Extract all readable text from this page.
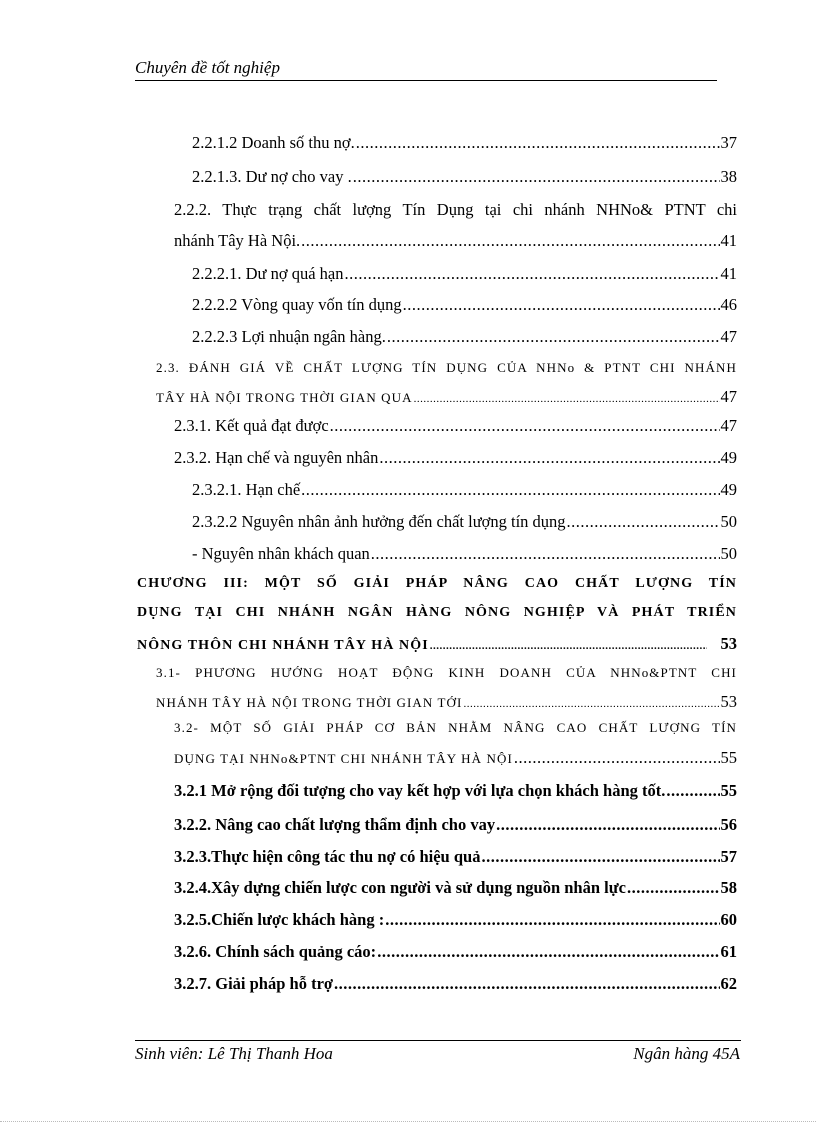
Chuyên đề tốt nghiệp
2.2.1.2 Doanh số thu nợ. .....	37
2.2.1.3. Dư nợ cho vay . .....	38
2.2.2. Thực trạng chất lượng Tín Dụng tại chi nhánh NHNo& PTNT chi
nhánh Tây Hà Nội. .....	41
2.2.2.1. Dư nợ quá hạn .....	41
2.2.2.2 Vòng quay vốn tín dụng .....	46
2.2.2.3 Lợi nhuận ngân hàng. .....	47
2.3. ĐÁNH GIÁ VỀ CHẤT LƯỢNG TÍN DỤNG CỦA NHNo & PTNT CHI NHÁNH
TÂY HÀ NỘI TRONG THỜI GIAN QUA .....	47
2.3.1. Kết quả đạt được .....	47
2.3.2. Hạn chế và nguyên nhân .....	49
2.3.2.1. Hạn chế .....	49
2.3.2.2 Nguyên nhân ảnh hưởng đến chất lượng tín dụng .....	50
- Nguyên nhân khách quan .....	50
CHƯƠNG III: MỘT SỐ GIẢI PHÁP NÂNG CAO CHẤT LƯỢNG TÍN
DỤNG TẠI CHI NHÁNH NGÂN HÀNG NÔNG NGHIỆP VÀ PHÁT TRIỂN
NÔNG THÔN CHI NHÁNH TÂY HÀ NỘI .....	53
3.1- PHƯƠNG HƯỚNG HOẠT ĐỘNG KINH DOANH CỦA NHNo&PTNT CHI
NHÁNH TÂY HÀ NỘI TRONG THỜI GIAN TỚI .....	53
3.2- MỘT SỐ GIẢI PHÁP CƠ BẢN NHẰM NÂNG CAO CHẤT LƯỢNG TÍN
DỤNG TẠI NHNo&PTNT CHI NHÁNH TÂY HÀ NỘI .....	55
3.2.1 Mở rộng đối tượng cho vay kết hợp với lựa chọn khách hàng tốt. .....	55
3.2.2. Nâng cao chất lượng thẩm định cho vay .....	56
3.2.3.Thực hiện công tác thu nợ có hiệu quả .....	57
3.2.4.Xây dựng chiến lược con người và sử dụng nguồn nhân lực .....	58
3.2.5.Chiến lược khách hàng : .....	60
3.2.6. Chính sách quảng cáo: .....	61
3.2.7. Giải pháp hỗ trợ .....	62
Sinh viên: Lê Thị Thanh Hoa	Ngân hàng 45A
